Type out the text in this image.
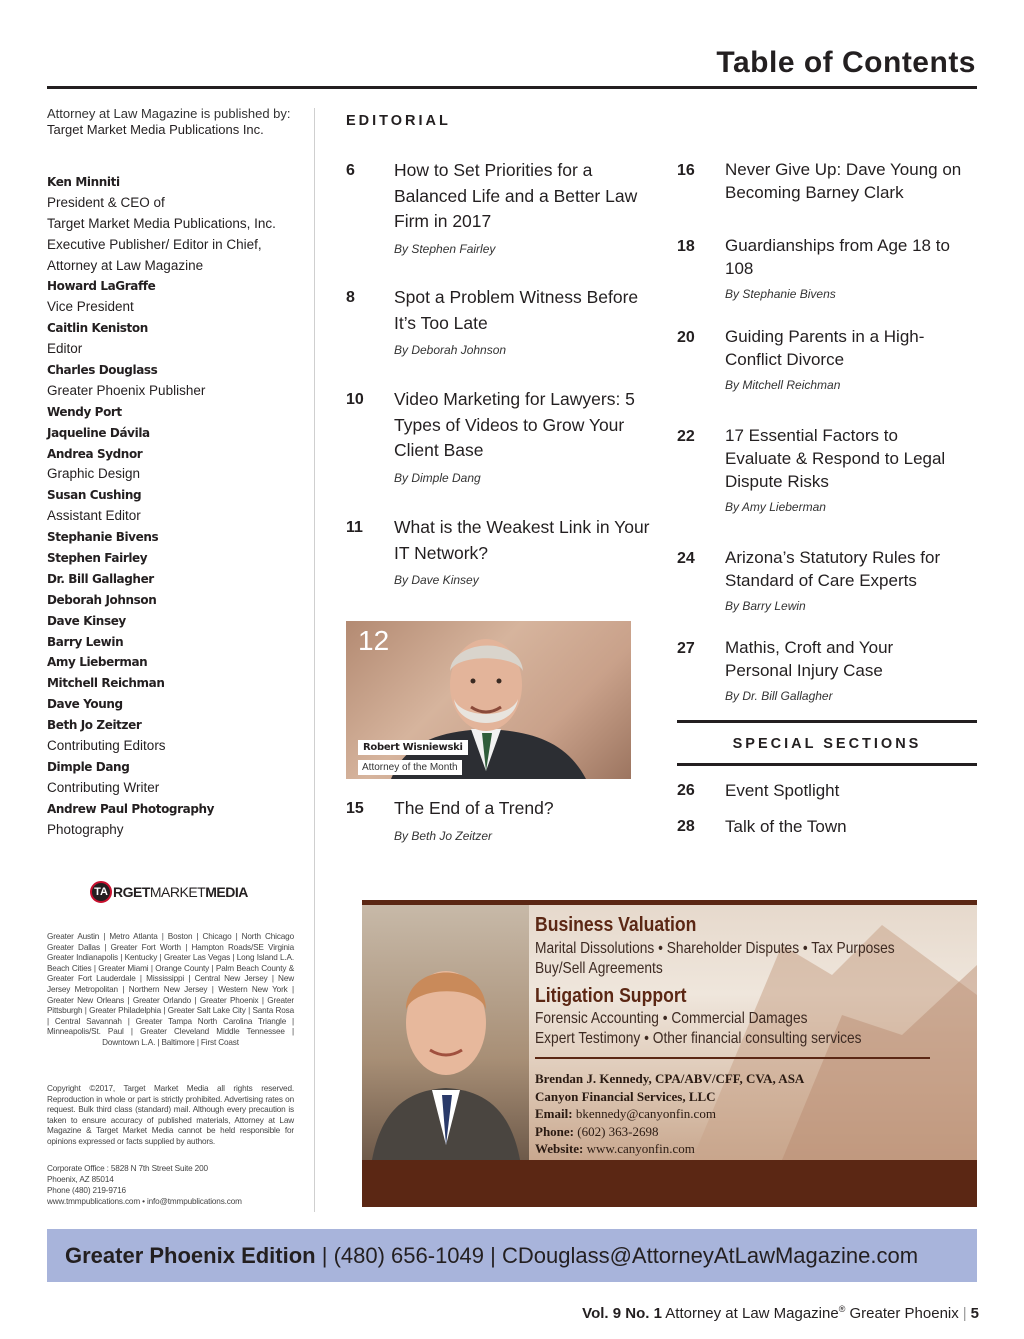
Table of Contents
Attorney at Law Magazine is published by:
Target Market Media Publications Inc.
Ken Minniti
President & CEO of
Target Market Media Publications, Inc.
Executive Publisher/ Editor in Chief,
Attorney at Law Magazine
Howard LaGraffe
Vice President
Caitlin Keniston
Editor
Charles Douglass
Greater Phoenix Publisher
Wendy Port
Jaqueline Dávila
Andrea Sydnor
Graphic Design
Susan Cushing
Assistant Editor
Stephanie Bivens
Stephen Fairley
Dr. Bill Gallagher
Deborah Johnson
Dave Kinsey
Barry Lewin
Amy Lieberman
Mitchell Reichman
Dave Young
Beth Jo Zeitzer
Contributing Editors
Dimple Dang
Contributing Writer
Andrew Paul Photography
Photography
TA RGET MARKET MEDIA
Greater Austin | Metro Atlanta | Boston | Chicago | North Chicago Greater Dallas | Greater Fort Worth | Hampton Roads/SE Virginia Greater Indianapolis | Kentucky | Greater Las Vegas | Long Island L.A. Beach Cities | Greater Miami | Orange County | Palm Beach County & Greater Fort Lauderdale | Mississippi | Central New Jersey | New Jersey Metropolitan | Northern New Jersey | Western New York | Greater New Orleans | Greater Orlando | Greater Phoenix | Greater Pittsburgh | Greater Philadelphia | Greater Salt Lake City | Santa Rosa | Central Savannah | Greater Tampa North Carolina Triangle | Minneapolis/St. Paul | Greater Cleveland Middle Tennessee | Downtown L.A. | Baltimore | First Coast
Copyright ©2017, Target Market Media all rights reserved. Reproduction in whole or part is strictly prohibited. Advertising rates on request. Bulk third class (standard) mail. Although every precaution is taken to ensure accuracy of published materials, Attorney at Law Magazine & Target Market Media cannot be held responsible for opinions expressed or facts supplied by authors.
Corporate Office : 5828 N 7th Street Suite 200
Phoenix, AZ 85014
Phone (480) 219-9716
www.tmmpublications.com • info@tmmpublications.com
EDITORIAL
6 How to Set Priorities for a
Balanced Life and a Better Law
Firm in 2017
By Stephen Fairley
8 Spot a Problem Witness Before
It’s Too Late
By Deborah Johnson
10 Video Marketing for Lawyers: 5
Types of Videos to Grow Your
Client Base
By Dimple Dang
11 What is the Weakest Link in Your
IT Network?
By Dave Kinsey
15 The End of a Trend?
By Beth Jo Zeitzer
16 Never Give Up: Dave Young on
Becoming Barney Clark
18 Guardianships from Age 18 to
108
By Stephanie Bivens
20 Guiding Parents in a High-
Conflict Divorce
By Mitchell Reichman
22 17 Essential Factors to
Evaluate & Respond to Legal
Dispute Risks
By Amy Lieberman
24 Arizona’s Statutory Rules for
Standard of Care Experts
By Barry Lewin
27 Mathis, Croft and Your
Personal Injury Case
By Dr. Bill Gallagher
12
Robert Wisniewski
Attorney of the Month
SPECIAL SECTIONS
26 Event Spotlight
28 Talk of the Town
Business Valuation
Marital Dissolutions • Shareholder Disputes • Tax Purposes
Buy/Sell Agreements
Litigation Support
Forensic Accounting • Commercial Damages
Expert Testimony • Other financial consulting services
Brendan J. Kennedy, CPA/ABV/CFF, CVA, ASA
Canyon Financial Services, LLC
Email: bkennedy@canyonfin.com
Phone: (602) 363-2698
Website: www.canyonfin.com
Greater Phoenix Edition | (480) 656-1049 | CDouglass@AttorneyAtLawMagazine.com
Vol. 9 No. 1 Attorney at Law Magazine® Greater Phoenix | 5
